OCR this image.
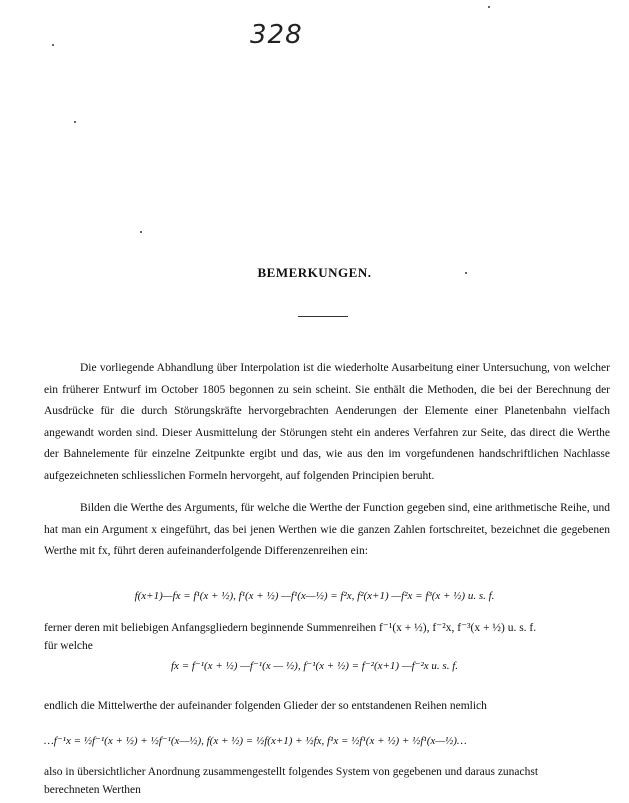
328
BEMERKUNGEN.

Die vorliegende Abhandlung über Interpolation ist die wiederholte Ausarbeitung einer Untersuchung, von welcher ein früherer Entwurf im October 1805 begonnen zu sein scheint. Sie enthält die Methoden, die bei der Berechnung der Ausdrücke für die durch Störungskräfte hervorgebrachten Aenderungen der Elemente einer Planetenbahn vielfach angewandt worden sind. Dieser Ausmittelung der Störungen steht ein anderes Verfahren zur Seite, das direct die Werthe der Bahnelemente für einzelne Zeitpunkte ergibt und das, wie aus den im vorgefundenen handschriftlichen Nachlasse aufgezeichneten schliesslichen Formeln hervorgeht, auf folgenden Principien beruht.

Bilden die Werthe des Arguments, für welche die Werthe der Function gegeben sind, eine arithmetische Reihe, und hat man ein Argument x eingeführt, das bei jenen Werthen wie die ganzen Zahlen fortschreitet, bezeichnet die gegebenen Werthe mit fx, führt deren aufeinanderfolgende Differenzenreihen ein:

f(x+1)—fx = f¹(x + ½), f¹(x + ½) —f¹(x—½) = f²x, f²(x+1) —f²x = f³(x + ½) u. s. f.
ferner deren mit beliebigen Anfangsgliedern beginnende Summenreihen f⁻¹(x + ½), f⁻²x, f⁻³(x + ½) u. s. f.
für welche
fx = f⁻¹(x + ½) —f⁻¹(x — ½), f⁻¹(x + ½) = f⁻²(x+1) —f⁻²x u. s. f.
endlich die Mittelwerthe der aufeinander folgenden Glieder der so entstandenen Reihen nemlich
…f⁻¹x = ½f⁻¹(x + ½) + ½f⁻¹(x—½), f(x + ½) = ½f(x+1) + ½fx, f¹x = ½f¹(x + ½) + ½f¹(x—½)…
also in übersichtlicher Anordnung zusammengestellt folgendes System von gegebenen und daraus zunachst
berechneten Werthen
